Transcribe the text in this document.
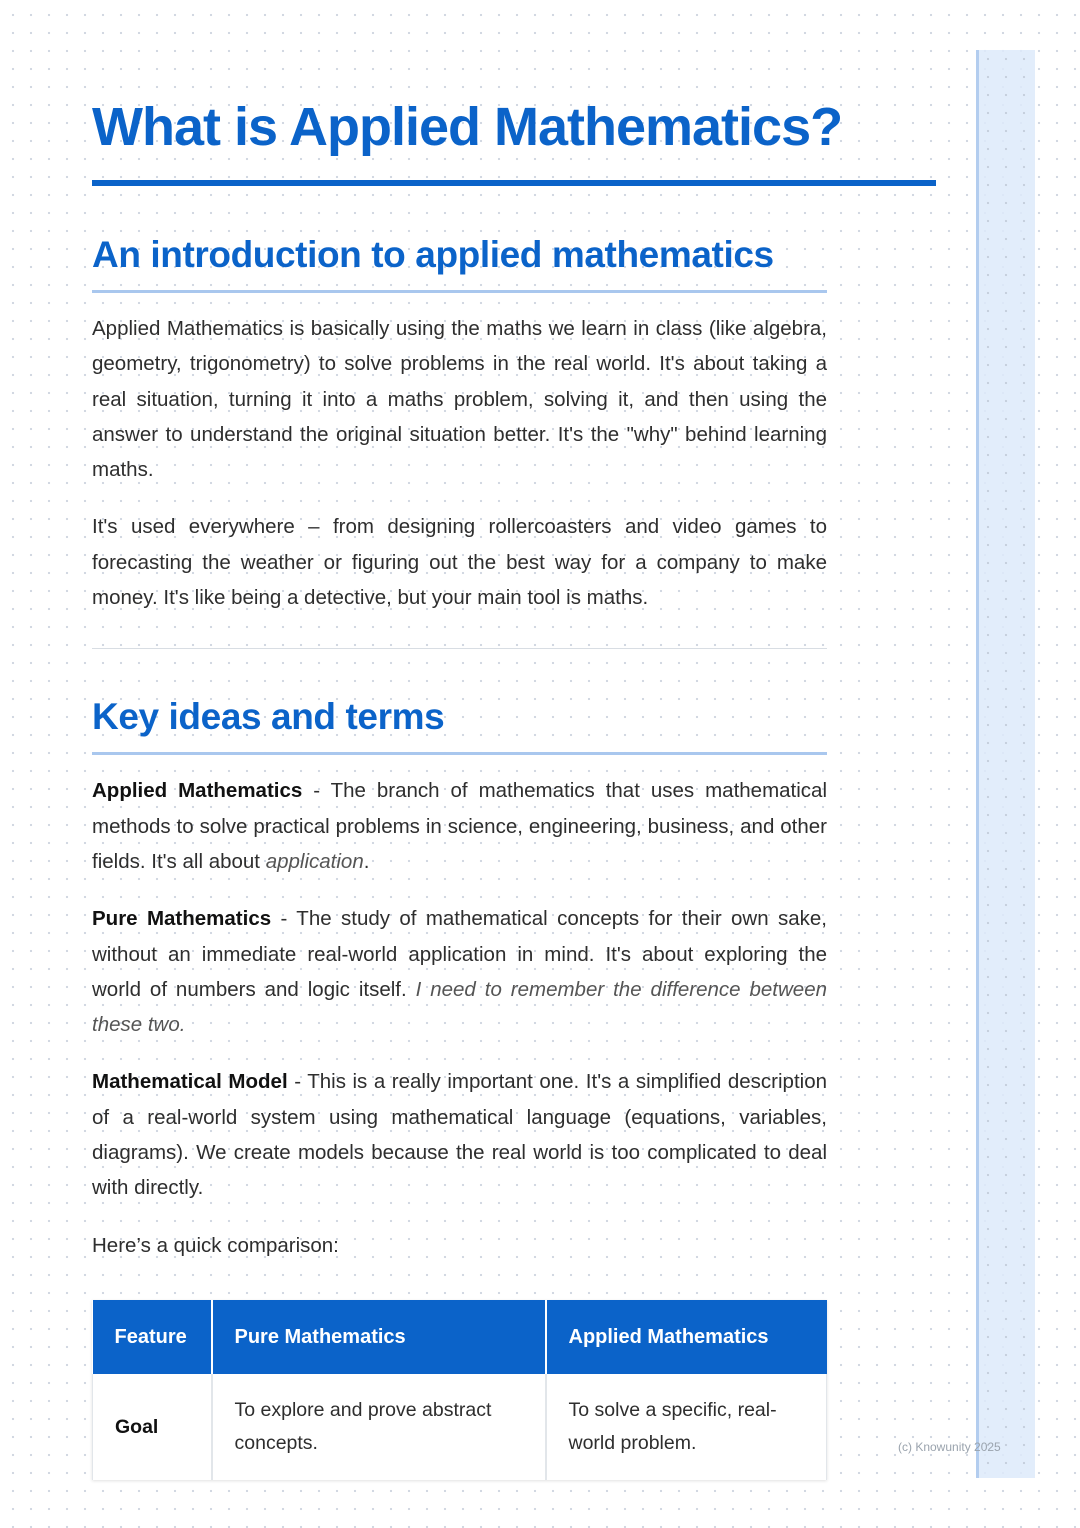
What is Applied Mathematics?
An introduction to applied mathematics

Applied Mathematics is basically using the maths we learn in class (like algebra, geometry, trigonometry) to solve problems in the real world. It's about taking a real situation, turning it into a maths problem, solving it, and then using the answer to understand the original situation better. It's the "why" behind learning maths.

It's used everywhere – from designing rollercoasters and video games to forecasting the weather or figuring out the best way for a company to make money. It's like being a detective, but your main tool is maths.

Key ideas and terms

Applied Mathematics - The branch of mathematics that uses mathematical methods to solve practical problems in science, engineering, business, and other fields. It's all about application.

Pure Mathematics - The study of mathematical concepts for their own sake, without an immediate real-world application in mind. It's about exploring the world of numbers and logic itself. I need to remember the difference between these two.

Mathematical Model - This is a really important one. It's a simplified description of a real-world system using mathematical language (equations, variables, diagrams). We create models because the real world is too complicated to deal with directly.

Here’s a quick comparison:

Feature	Pure Mathematics	Applied Mathematics
Goal	To explore and prove abstract concepts.	To solve a specific, real-world problem.	(c) Knowunity 2025
